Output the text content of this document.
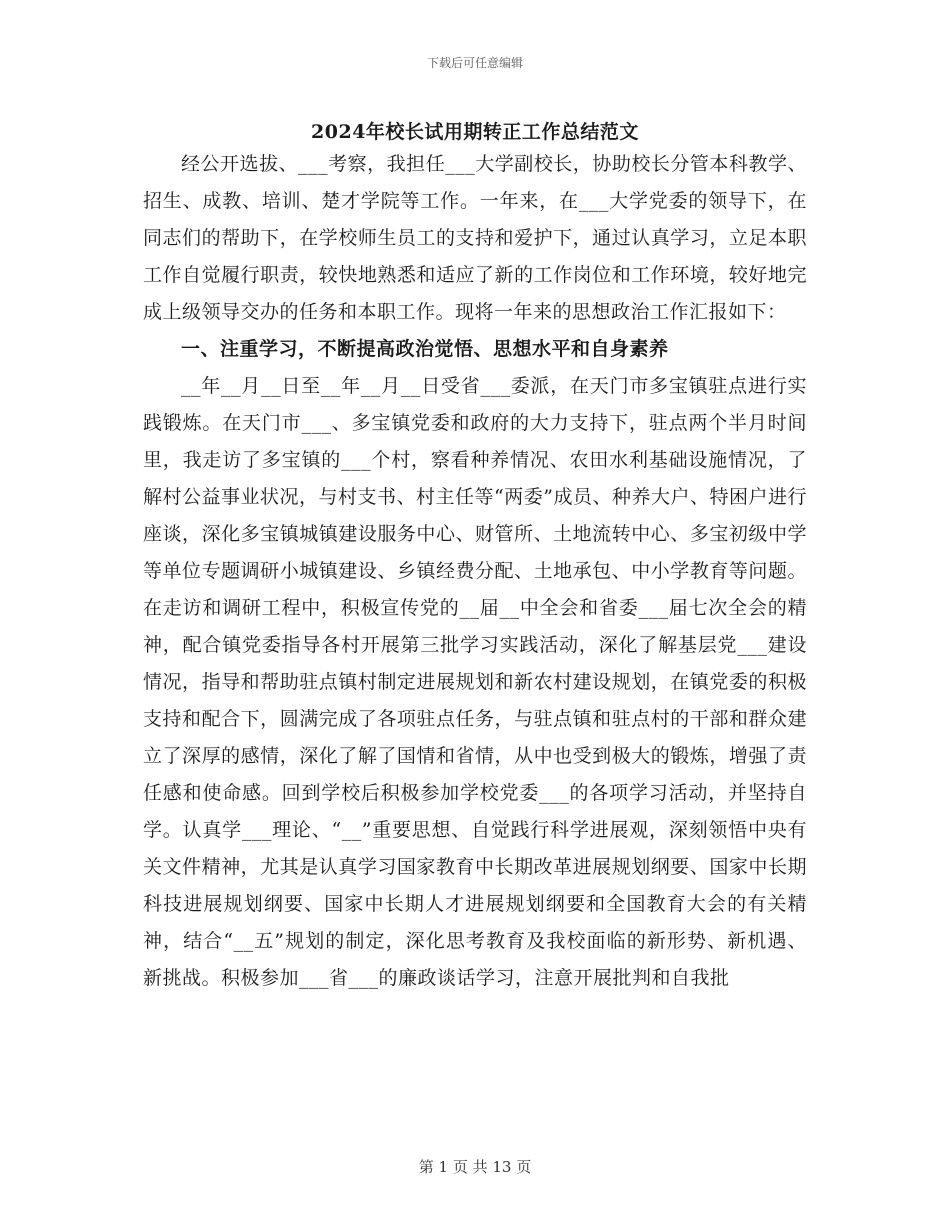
下载后可任意编辑
2024年校长试用期转正工作总结范文

经公开选拔、___考察，我担任___大学副校长，协助校长分管本科教学、招生、成教、培训、楚才学院等工作。一年来，在___大学党委的领导下，在同志们的帮助下，在学校师生员工的支持和爱护下，通过认真学习，立足本职工作自觉履行职责，较快地熟悉和适应了新的工作岗位和工作环境，较好地完成上级领导交办的任务和本职工作。现将一年来的思想政治工作汇报如下：

一、注重学习，不断提高政治觉悟、思想水平和自身素养

__年__月__日至__年__月__日受省___委派，在天门市多宝镇驻点进行实践锻炼。在天门市___、多宝镇党委和政府的大力支持下，驻点两个半月时间里，我走访了多宝镇的___个村，察看种养情况、农田水利基础设施情况，了解村公益事业状况，与村支书、村主任等“两委”成员、种养大户、特困户进行座谈，深化多宝镇城镇建设服务中心、财管所、土地流转中心、多宝初级中学等单位专题调研小城镇建设、乡镇经费分配、土地承包、中小学教育等问题。在走访和调研工程中，积极宣传党的__届__中全会和省委___届七次全会的精神，配合镇党委指导各村开展第三批学习实践活动，深化了解基层党___建设情况，指导和帮助驻点镇村制定进展规划和新农村建设规划，在镇党委的积极支持和配合下，圆满完成了各项驻点任务，与驻点镇和驻点村的干部和群众建立了深厚的感情，深化了解了国情和省情，从中也受到极大的锻炼，增强了责任感和使命感。回到学校后积极参加学校党委___的各项学习活动，并坚持自学。认真学___理论、“__”重要思想、自觉践行科学进展观，深刻领悟中央有关文件精神，尤其是认真学习国家教育中长期改革进展规划纲要、国家中长期科技进展规划纲要、国家中长期人才进展规划纲要和全国教育大会的有关精神，结合“__五”规划的制定，深化思考教育及我校面临的新形势、新机遇、新挑战。积极参加___省___的廉政谈话学习，注意开展批判和自我批

第 1 页 共 13 页
